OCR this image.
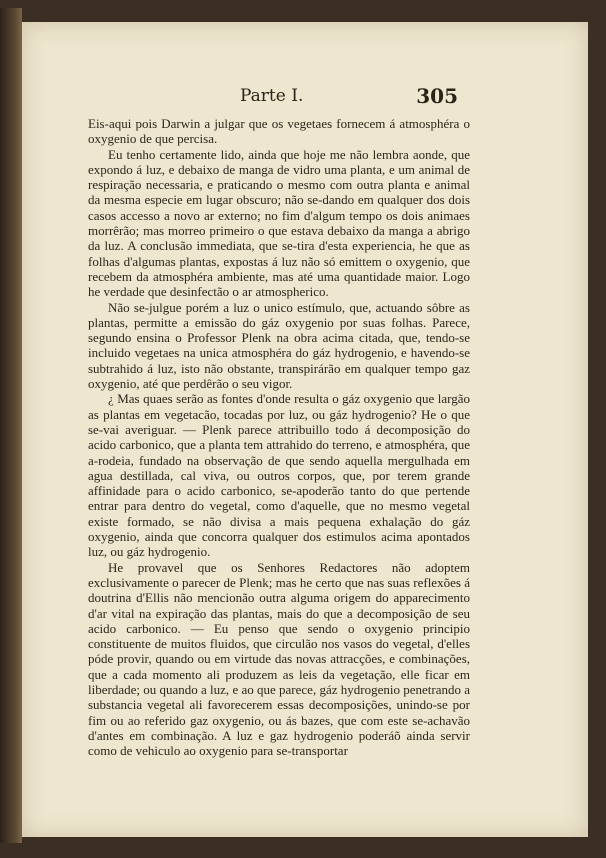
Parte I.	305

Eis-aqui pois Darwin a julgar que os vegetaes fornecem á atmosphéra o oxygenio de que percisa.

Eu tenho certamente lido, ainda que hoje me não lembra aonde, que expondo á luz, e debaixo de manga de vidro uma planta, e um animal de respiração necessaria, e praticando o mesmo com outra planta e animal da mesma especie em lugar obscuro; não se-dando em qualquer dos dois casos accesso a novo ar externo; no fim d'algum tempo os dois animaes morrêrão; mas morreo primeiro o que estava debaixo da manga a abrigo da luz. A conclusão immediata, que se-tira d'esta experiencia, he que as folhas d'algumas plantas, expostas á luz não só emittem o oxygenio, que recebem da atmosphéra ambiente, mas até uma quantidade maior. Logo he verdade que desinfectão o ar atmospherico.

Não se-julgue porém a luz o unico estímulo, que, actuando sôbre as plantas, permitte a emissão do gáz oxygenio por suas folhas. Parece, segundo ensina o Professor Plenk na obra acima citada, que, tendo-se incluido vegetaes na unica atmosphéra do gáz hydrogenio, e havendo-se subtrahido á luz, isto não obstante, transpirárão em qualquer tempo gaz oxygenio, até que perdêrão o seu vigor.

¿ Mas quaes serão as fontes d'onde resulta o gáz oxygenio que largão as plantas em vegetacão, tocadas por luz, ou gáz hydrogenio? He o que se-vai averiguar. — Plenk parece attribuillo todo á decomposição do acido carbonico, que a planta tem attrahido do terreno, e atmosphéra, que a-rodeia, fundado na observação de que sendo aquella mergulhada em agua destillada, cal viva, ou outros corpos, que, por terem grande affinidade para o acido carbonico, se-apoderão tanto do que pertende entrar para dentro do vegetal, como d'aquelle, que no mesmo vegetal existe formado, se não divisa a mais pequena exhalação do gáz oxygenio, ainda que concorra qualquer dos estimulos acima apontados luz, ou gáz hydrogenio.

He provavel que os Senhores Redactores não adoptem exclusivamente o parecer de Plenk; mas he certo que nas suas reflexões á doutrina d'Ellis não mencionão outra alguma origem do apparecimento d'ar vital na expiração das plantas, mais do que a decomposição de seu acido carbonico. — Eu penso que sendo o oxygenio principio constituente de muitos fluidos, que circulão nos vasos do vegetal, d'elles póde provir, quando ou em virtude das novas attracções, e combinações, que a cada momento ali produzem as leis da vegetação, elle ficar em liberdade; ou quando a luz, e ao que parece, gáz hydrogenio penetrando a substancia vegetal ali favorecerem essas decomposições, unindo-se por fim ou ao referido gaz oxygenio, ou ás bazes, que com este se-achavão d'antes em combinação. A luz e gaz hydrogenio poderáõ ainda servir como de vehiculo ao oxygenio para se-transportar
